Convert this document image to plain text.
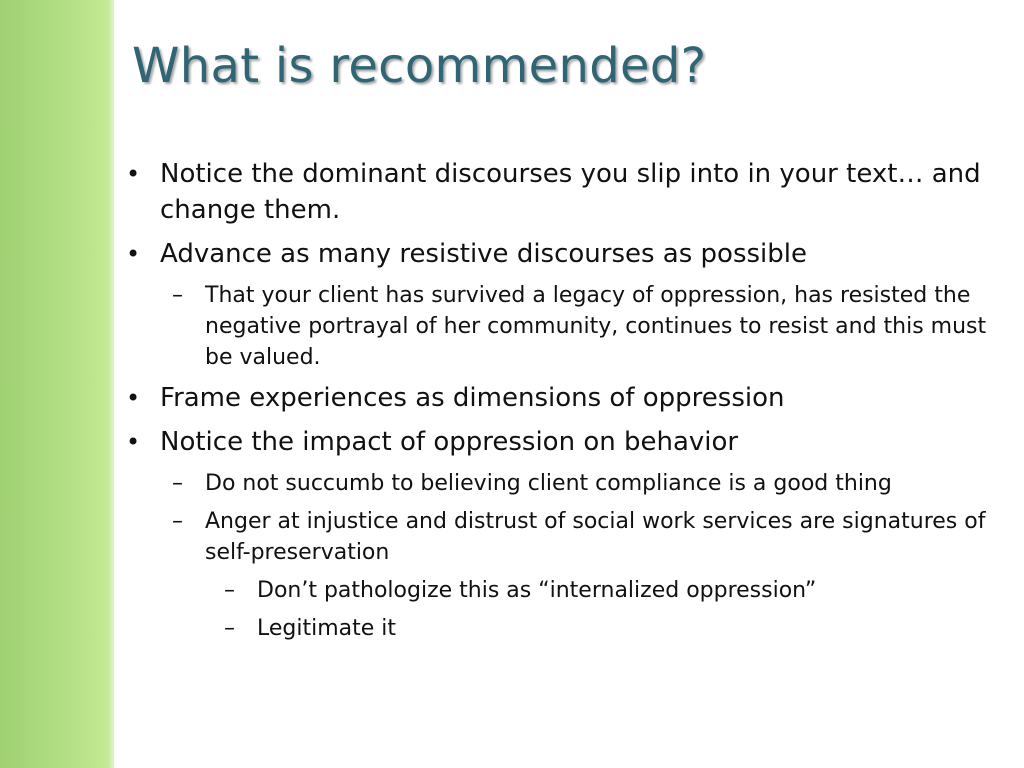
What is recommended?
• Notice the dominant discourses you slip into in your text… and change them.
• Advance as many resistive discourses as possible
– That your client has survived a legacy of oppression, has resisted the negative portrayal of her community, continues to resist and this must be valued.
• Frame experiences as dimensions of oppression
• Notice the impact of oppression on behavior
– Do not succumb to believing client compliance is a good thing
– Anger at injustice and distrust of social work services are signatures of self-preservation
– Don’t pathologize this as “internalized oppression”
– Legitimate it
